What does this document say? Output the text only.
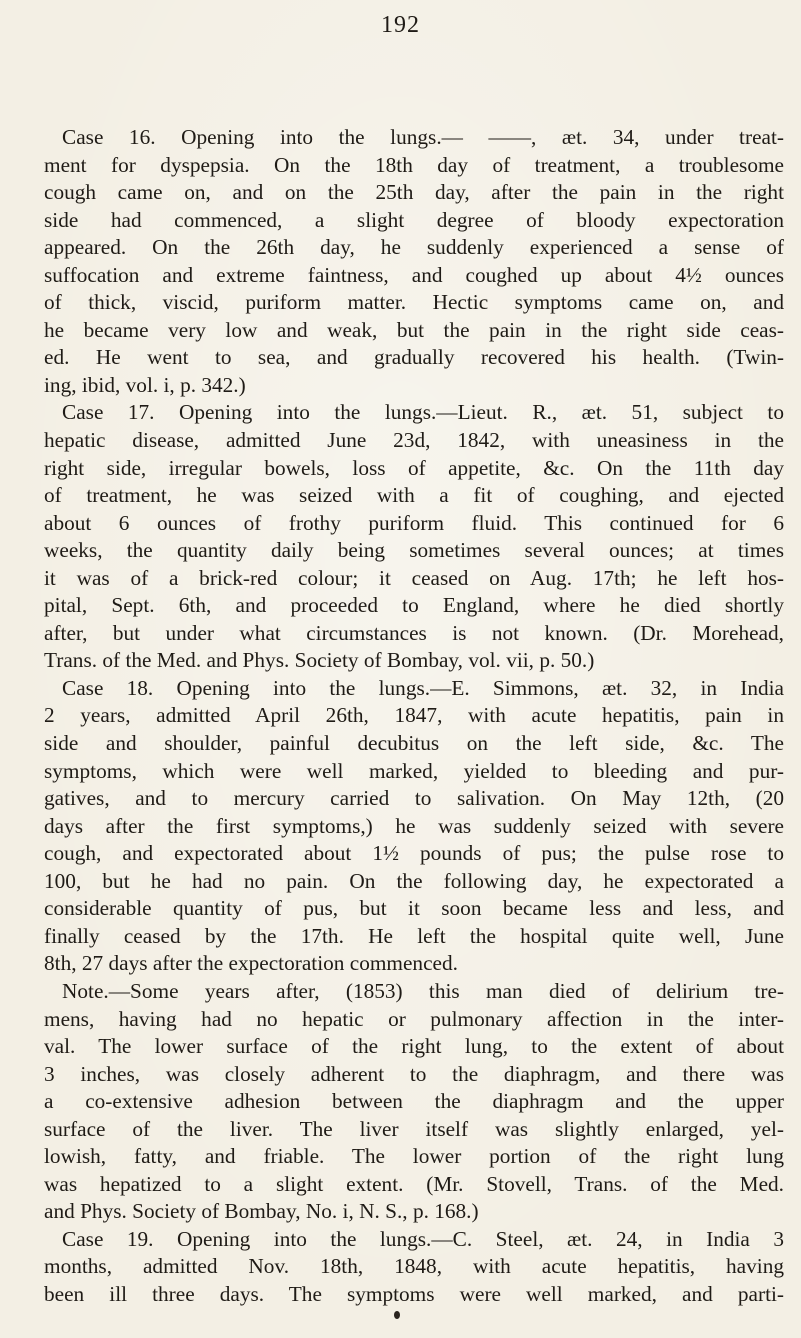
192
Case 16. Opening into the lungs.— ——, æt. 34, under treat-
ment for dyspepsia. On the 18th day of treatment, a troublesome
cough came on, and on the 25th day, after the pain in the right
side had commenced, a slight degree of bloody expectoration
appeared. On the 26th day, he suddenly experienced a sense of
suffocation and extreme faintness, and coughed up about 4½ ounces
of thick, viscid, puriform matter. Hectic symptoms came on, and
he became very low and weak, but the pain in the right side ceas-
ed. He went to sea, and gradually recovered his health. (Twin-
ing, ibid, vol. i, p. 342.)
Case 17. Opening into the lungs.—Lieut. R., æt. 51, subject to
hepatic disease, admitted June 23d, 1842, with uneasiness in the
right side, irregular bowels, loss of appetite, &c. On the 11th day
of treatment, he was seized with a fit of coughing, and ejected
about 6 ounces of frothy puriform fluid. This continued for 6
weeks, the quantity daily being sometimes several ounces; at times
it was of a brick-red colour; it ceased on Aug. 17th; he left hos-
pital, Sept. 6th, and proceeded to England, where he died shortly
after, but under what circumstances is not known. (Dr. Morehead,
Trans. of the Med. and Phys. Society of Bombay, vol. vii, p. 50.)
Case 18. Opening into the lungs.—E. Simmons, æt. 32, in India
2 years, admitted April 26th, 1847, with acute hepatitis, pain in
side and shoulder, painful decubitus on the left side, &c. The
symptoms, which were well marked, yielded to bleeding and pur-
gatives, and to mercury carried to salivation. On May 12th, (20
days after the first symptoms,) he was suddenly seized with severe
cough, and expectorated about 1½ pounds of pus; the pulse rose to
100, but he had no pain. On the following day, he expectorated a
considerable quantity of pus, but it soon became less and less, and
finally ceased by the 17th. He left the hospital quite well, June
8th, 27 days after the expectoration commenced.
Note.—Some years after, (1853) this man died of delirium tre-
mens, having had no hepatic or pulmonary affection in the inter-
val. The lower surface of the right lung, to the extent of about
3 inches, was closely adherent to the diaphragm, and there was
a co-extensive adhesion between the diaphragm and the upper
surface of the liver. The liver itself was slightly enlarged, yel-
lowish, fatty, and friable. The lower portion of the right lung
was hepatized to a slight extent. (Mr. Stovell, Trans. of the Med.
and Phys. Society of Bombay, No. i, N. S., p. 168.)
Case 19. Opening into the lungs.—C. Steel, æt. 24, in India 3
months, admitted Nov. 18th, 1848, with acute hepatitis, having
been ill three days. The symptoms were well marked, and parti-
